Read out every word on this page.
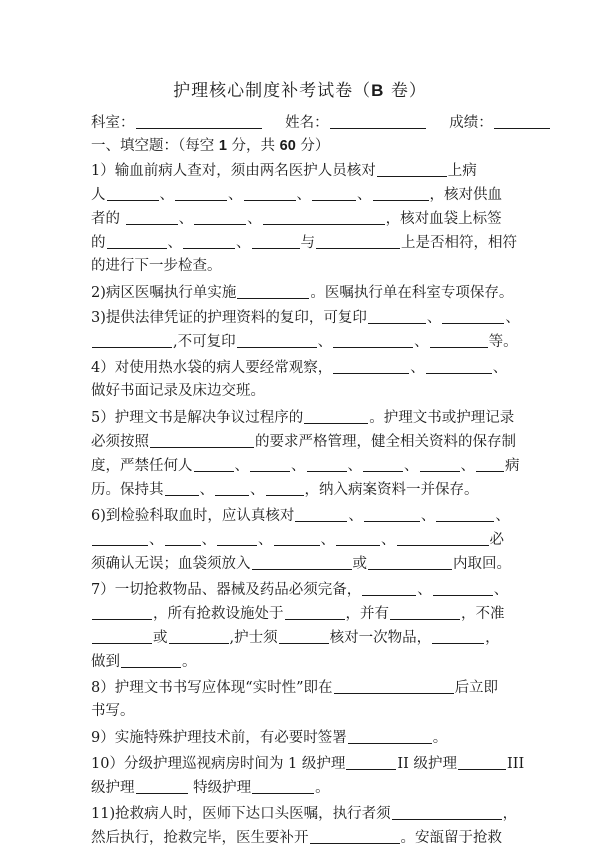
护理核心制度补考试卷（B 卷）
科室：	姓名：	成绩：
一、填空题：（每空 1 分，共 60 分）
1）输血前病人查对，须由两名医护人员核对	上病
人	、	、	、	、	，核对供血
者的	、	、	，核对血袋上标签
的	、	、	与	上是否相符，相符
的进行下一步检查。
2)病区医嘱执行单实施	。医嘱执行单在科室专项保存。
3)提供法律凭证的护理资料的复印，可复印	、	、
,不可复印	、	、	等。
4）对使用热水袋的病人要经常观察，	、	、
做好书面记录及床边交班。
5）护理文书是解决争议过程序的	。护理文书或护理记录
必须按照	的要求严格管理，健全相关资料的保存制
度，严禁任何人	、	、	、	、	、 病
历。保持其 、 、	，纳入病案资料一并保存。
6)到检验科取血时，应认真核对	、	、	、
、	、	、	、	、	必
须确认无误；血袋须放入	或	内取回。
7）一切抢救物品、器械及药品必须完备，	、	、
，所有抢救设施处于	，并有	，不准
或	,护士须	核对一次物品，	，
做到	。
8）护理文书书写应体现“实时性”即在	后立即
书写。
9）实施特殊护理技术前，有必要时签署	。
10）分级护理巡视病房时间为 1 级护理	II 级护理	III
级护理	特级护理	。
11)抢救病人时，医师下达口头医嘱，执行者须	，
然后执行，抢救完毕，医生要补开	。安瓿留于抢救
